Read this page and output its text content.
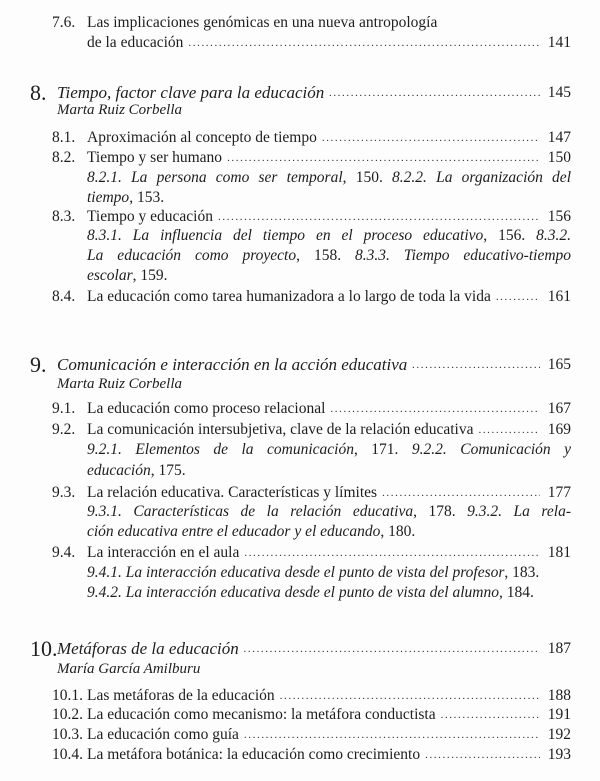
7.6. Las implicaciones genómicas en una nueva antropología
de la educación .....	141
8. Tiempo, factor clave para la educación .....	145
Marta Ruiz Corbella
8.1. Aproximación al concepto de tiempo .....	147
8.2. Tiempo y ser humano .....	150
8.2.1. La persona como ser temporal, 150. 8.2.2. La organización del
tiempo, 153.
8.3. Tiempo y educación .....	156
8.3.1. La influencia del tiempo en el proceso educativo, 156. 8.3.2.
La educación como proyecto, 158. 8.3.3. Tiempo educativo-tiempo
escolar, 159.
8.4. La educación como tarea humanizadora a lo largo de toda la vida .....	161
9. Comunicación e interacción en la acción educativa .....	165
Marta Ruiz Corbella
9.1. La educación como proceso relacional .....	167
9.2. La comunicación intersubjetiva, clave de la relación educativa .....	169
9.2.1. Elementos de la comunicación, 171. 9.2.2. Comunicación y
educación, 175.
9.3. La relación educativa. Características y límites .....	177
9.3.1. Características de la relación educativa, 178. 9.3.2. La rela-
ción educativa entre el educador y el educando, 180.
9.4. La interacción en el aula .....	181
9.4.1. La interacción educativa desde el punto de vista del profesor, 183.
9.4.2. La interacción educativa desde el punto de vista del alumno, 184.
10. Metáforas de la educación .....	187
María García Amilburu
10.1. Las metáforas de la educación .....	188
10.2. La educación como mecanismo: la metáfora conductista .....	191
10.3. La educación como guía .....	192
10.4. La metáfora botánica: la educación como crecimiento .....	193
